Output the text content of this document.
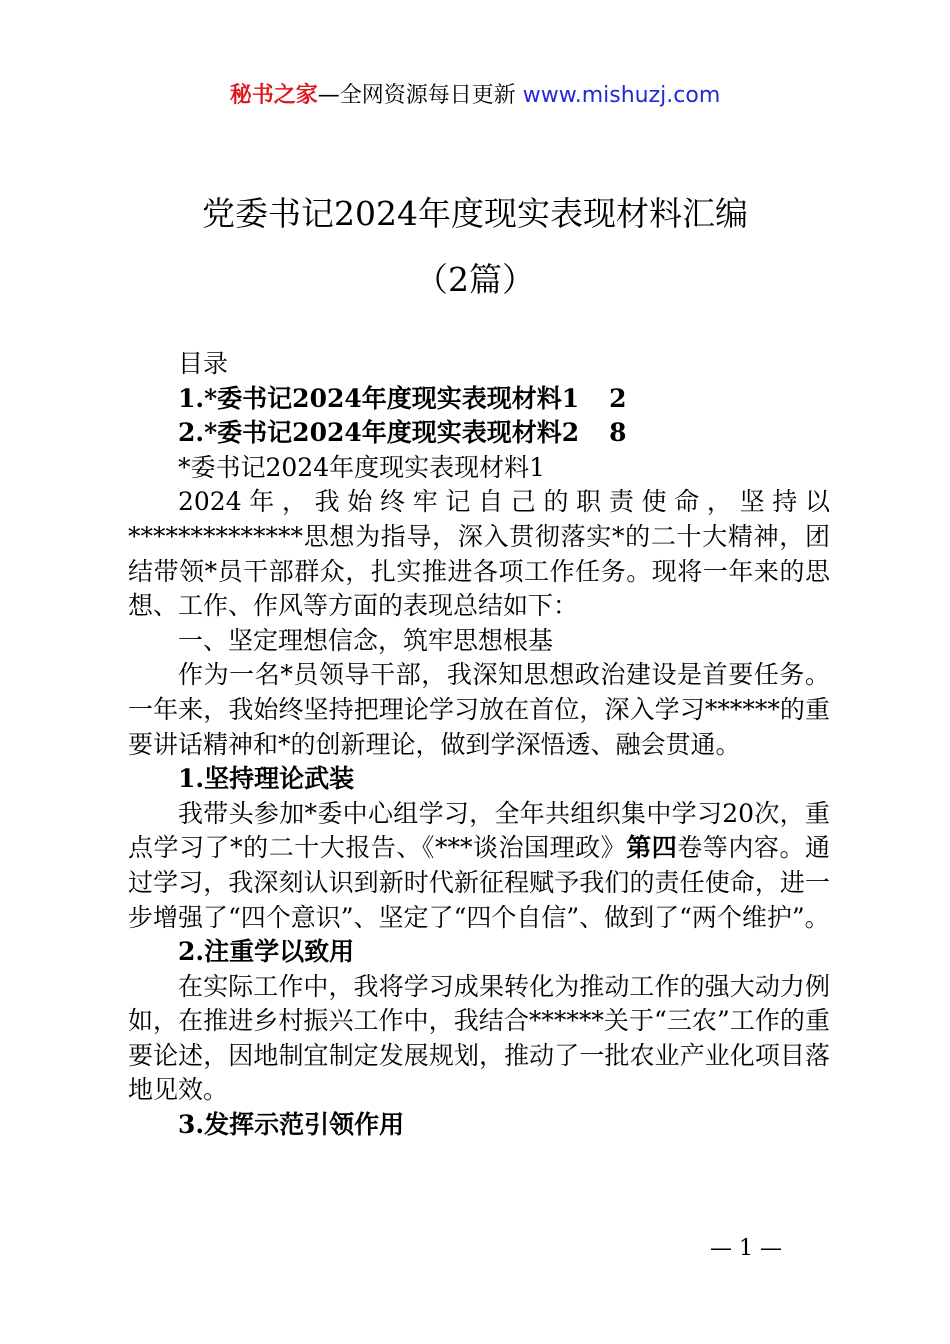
秘书之家—全网资源每日更新 www.mishuzj.com
党委书记2024年度现实表现材料汇编
（2篇）

目录

1.*委书记2024年度现实表现材料1 2

2.*委书记2024年度现实表现材料2 8

*委书记2024年度现实表现材料1

2024年，我始终牢记自己的职责使命，坚持以**************思想为指导，深入贯彻落实*的二十大精神，团结带领*员干部群众，扎实推进各项工作任务。现将一年来的思想、工作、作风等方面的表现总结如下：

一、坚定理想信念，筑牢思想根基

作为一名*员领导干部，我深知思想政治建设是首要任务。一年来，我始终坚持把理论学习放在首位，深入学习******的重要讲话精神和*的创新理论，做到学深悟透、融会贯通。

1.坚持理论武装

我带头参加*委中心组学习，全年共组织集中学习20次，重点学习了*的二十大报告、《***谈治国理政》第四卷等内容。通过学习，我深刻认识到新时代新征程赋予我们的责任使命，进一步增强了“四个意识”、坚定了“四个自信”、做到了“两个维护”。

2.注重学以致用

在实际工作中，我将学习成果转化为推动工作的强大动力例如，在推进乡村振兴工作中，我结合******关于“三农”工作的重要论述，因地制宜制定发展规划，推动了一批农业产业化项目落地见效。

3.发挥示范引领作用

— 1 —
